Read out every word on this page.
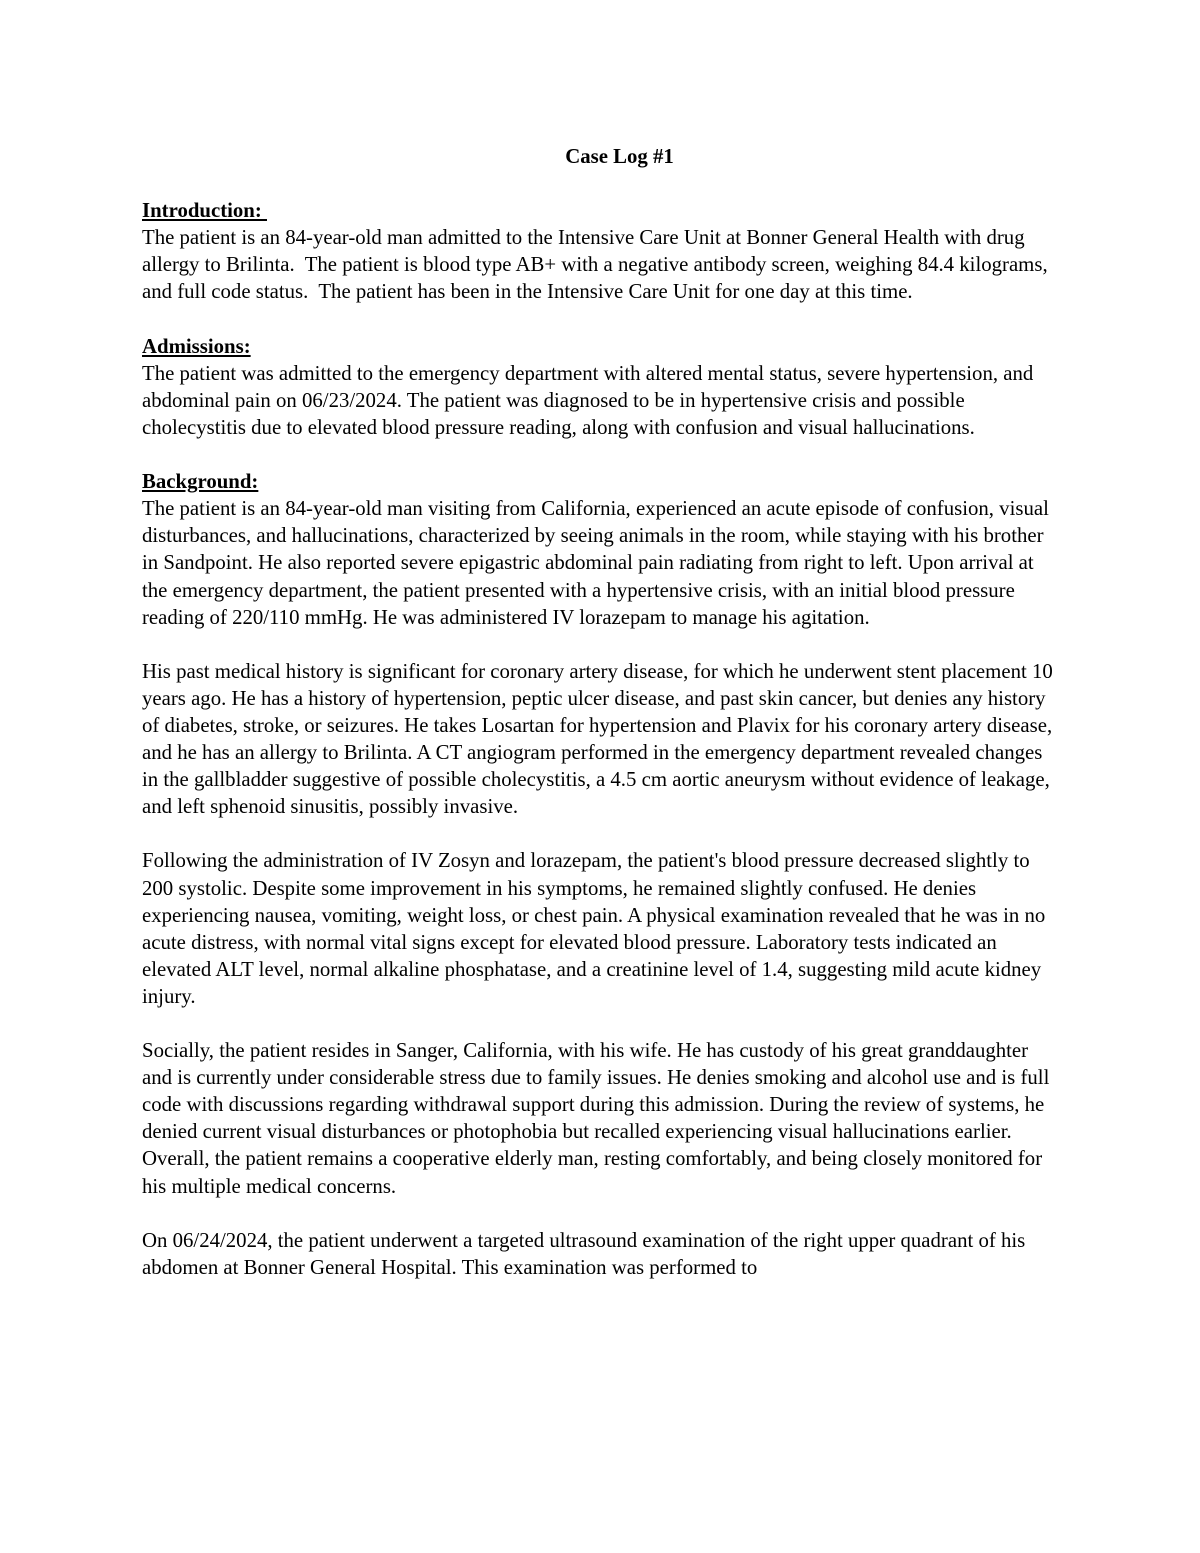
Case Log #1
Introduction:
The patient is an 84-year-old man admitted to the Intensive Care Unit at Bonner General Health with drug allergy to Brilinta.  The patient is blood type AB+ with a negative antibody screen, weighing 84.4 kilograms, and full code status.  The patient has been in the Intensive Care Unit for one day at this time.
Admissions:
The patient was admitted to the emergency department with altered mental status, severe hypertension, and abdominal pain on 06/23/2024. The patient was diagnosed to be in hypertensive crisis and possible cholecystitis due to elevated blood pressure reading, along with confusion and visual hallucinations.
Background:

The patient is an 84-year-old man visiting from California, experienced an acute episode of confusion, visual disturbances, and hallucinations, characterized by seeing animals in the room, while staying with his brother in Sandpoint. He also reported severe epigastric abdominal pain radiating from right to left. Upon arrival at the emergency department, the patient presented with a hypertensive crisis, with an initial blood pressure reading of 220/110 mmHg. He was administered IV lorazepam to manage his agitation.

His past medical history is significant for coronary artery disease, for which he underwent stent placement 10 years ago. He has a history of hypertension, peptic ulcer disease, and past skin cancer, but denies any history of diabetes, stroke, or seizures. He takes Losartan for hypertension and Plavix for his coronary artery disease, and he has an allergy to Brilinta. A CT angiogram performed in the emergency department revealed changes in the gallbladder suggestive of possible cholecystitis, a 4.5 cm aortic aneurysm without evidence of leakage, and left sphenoid sinusitis, possibly invasive.

Following the administration of IV Zosyn and lorazepam, the patient's blood pressure decreased slightly to 200 systolic. Despite some improvement in his symptoms, he remained slightly confused. He denies experiencing nausea, vomiting, weight loss, or chest pain. A physical examination revealed that he was in no acute distress, with normal vital signs except for elevated blood pressure. Laboratory tests indicated an elevated ALT level, normal alkaline phosphatase, and a creatinine level of 1.4, suggesting mild acute kidney injury.

Socially, the patient resides in Sanger, California, with his wife. He has custody of his great granddaughter and is currently under considerable stress due to family issues. He denies smoking and alcohol use and is full code with discussions regarding withdrawal support during this admission. During the review of systems, he denied current visual disturbances or photophobia but recalled experiencing visual hallucinations earlier. Overall, the patient remains a cooperative elderly man, resting comfortably, and being closely monitored for his multiple medical concerns.

On 06/24/2024, the patient underwent a targeted ultrasound examination of the right upper quadrant of his abdomen at Bonner General Hospital. This examination was performed to
